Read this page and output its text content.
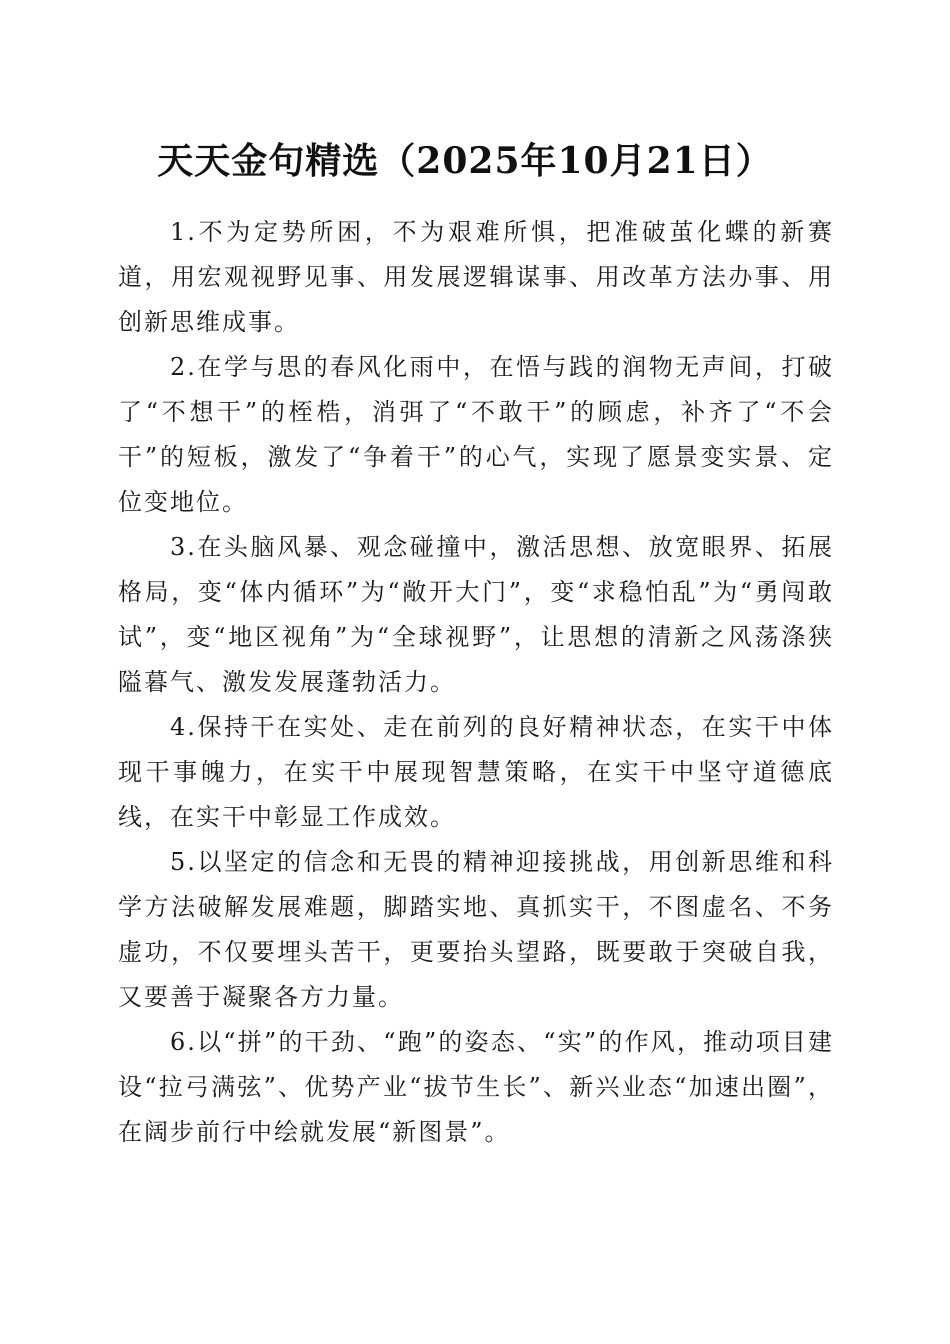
天天金句精选（2025年10月21日）

1.不为定势所困，不为艰难所惧，把准破茧化蝶的新赛道，用宏观视野见事、用发展逻辑谋事、用改革方法办事、用创新思维成事。

2.在学与思的春风化雨中，在悟与践的润物无声间，打破了“不想干”的桎梏，消弭了“不敢干”的顾虑，补齐了“不会干”的短板，激发了“争着干”的心气，实现了愿景变实景、定位变地位。

3.在头脑风暴、观念碰撞中，激活思想、放宽眼界、拓展格局，变“体内循环”为“敞开大门”，变“求稳怕乱”为“勇闯敢试”，变“地区视角”为“全球视野”，让思想的清新之风荡涤狭隘暮气、激发发展蓬勃活力。

4.保持干在实处、走在前列的良好精神状态，在实干中体现干事魄力，在实干中展现智慧策略，在实干中坚守道德底线，在实干中彰显工作成效。

5.以坚定的信念和无畏的精神迎接挑战，用创新思维和科学方法破解发展难题，脚踏实地、真抓实干，不图虚名、不务虚功，不仅要埋头苦干，更要抬头望路，既要敢于突破自我，又要善于凝聚各方力量。

6.以“拼”的干劲、“跑”的姿态、“实”的作风，推动项目建设“拉弓满弦”、优势产业“拔节生长”、新兴业态“加速出圈”，在阔步前行中绘就发展“新图景”。
